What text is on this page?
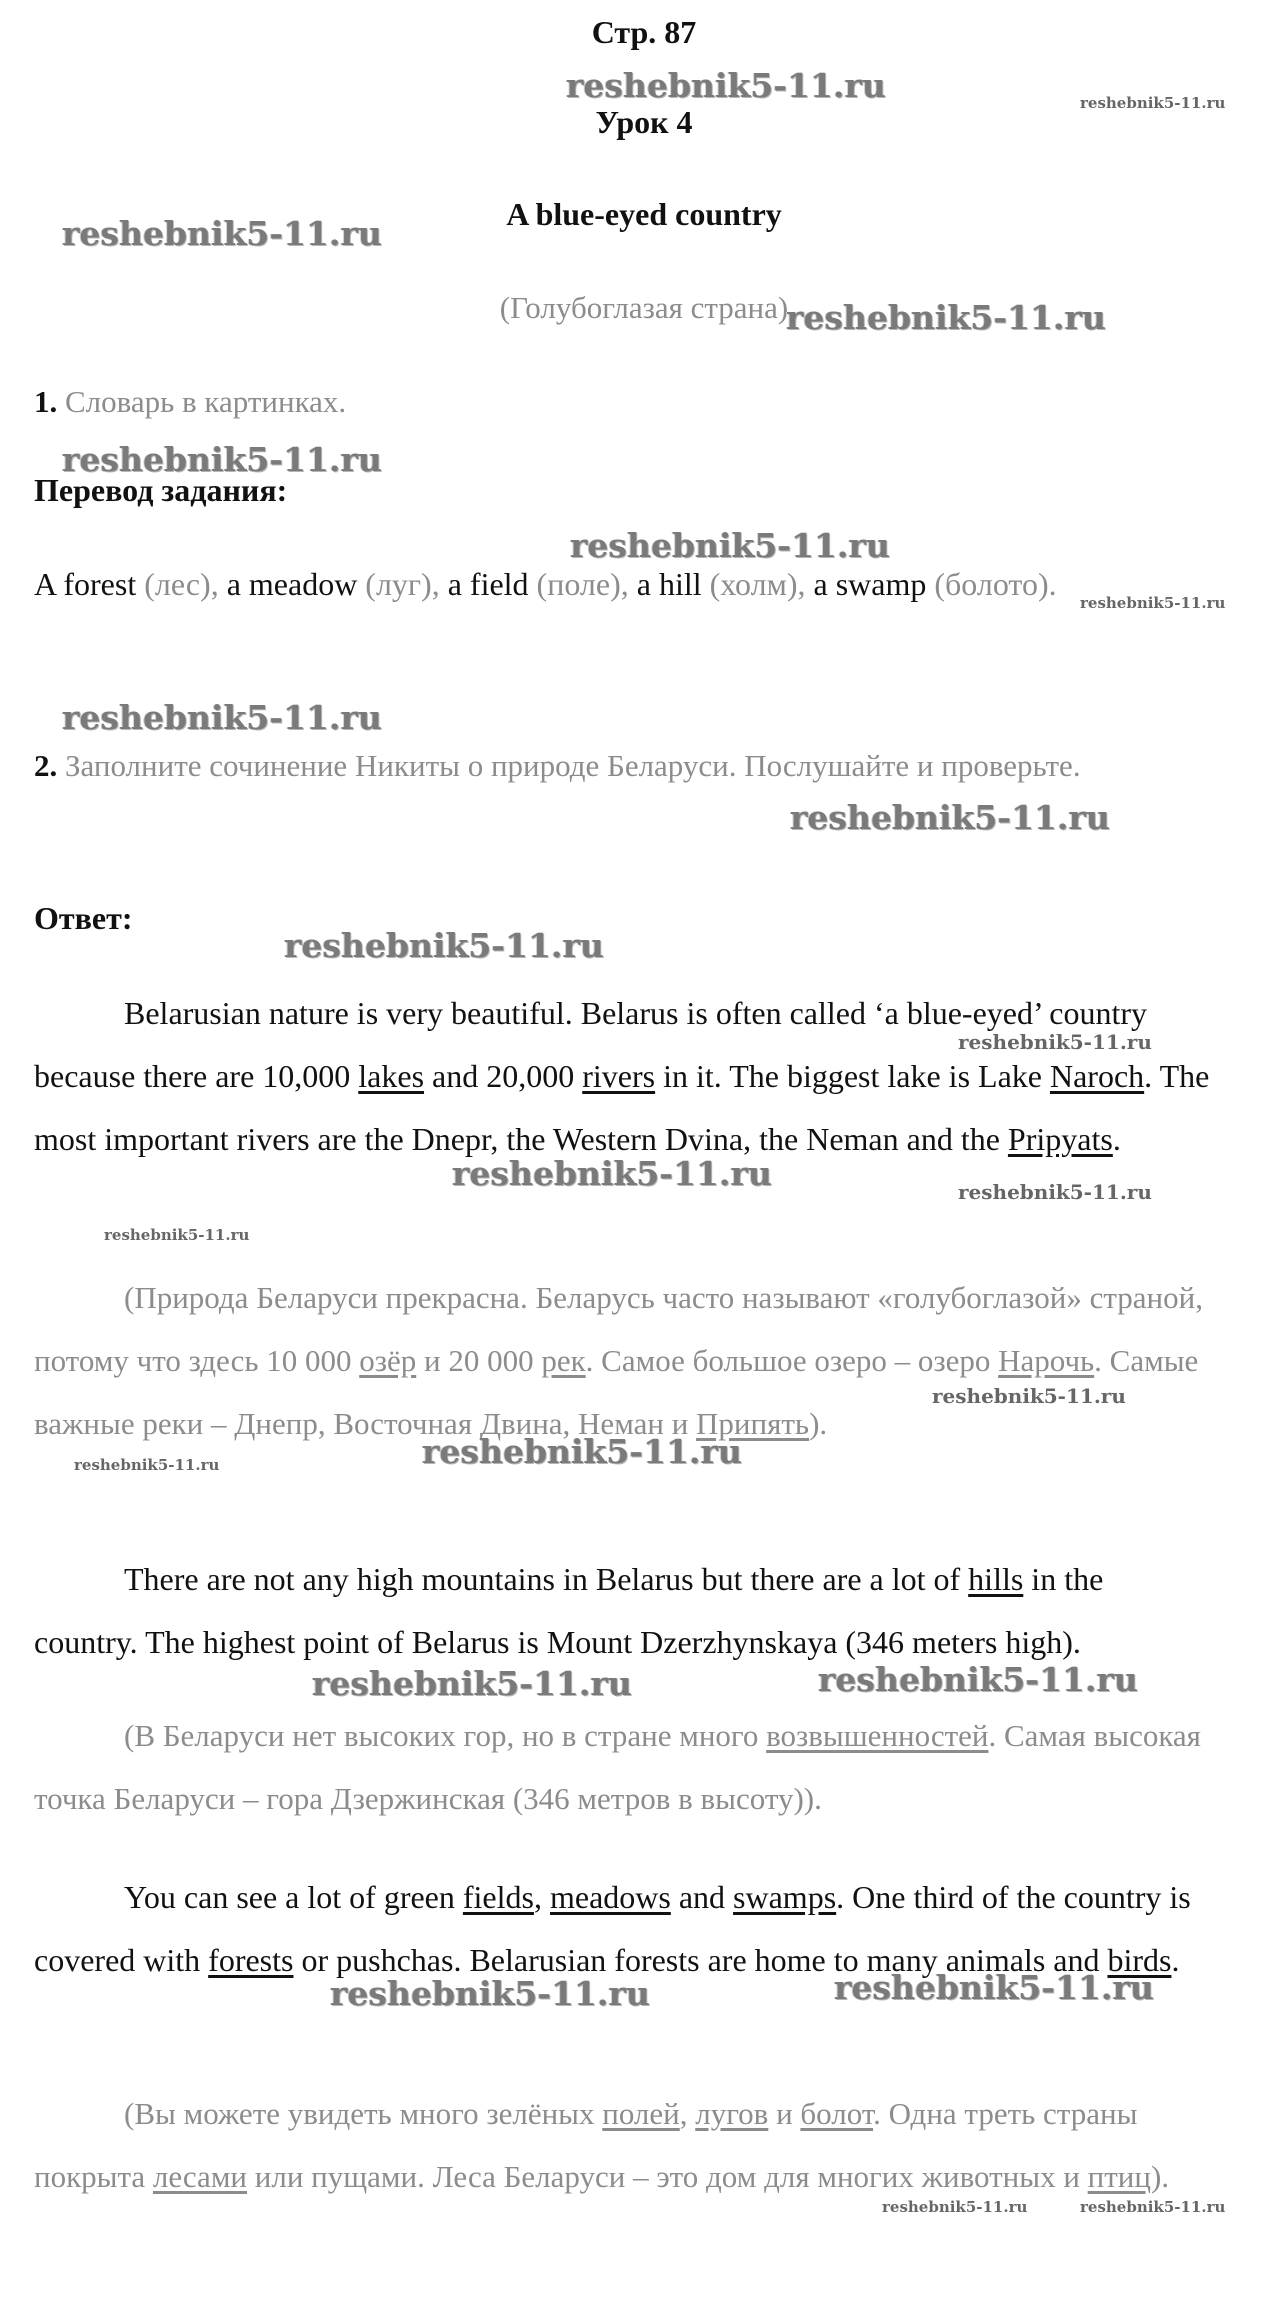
Стр. 87
Урок 4
A blue-eyed country
(Голубоглазая страна)
1. Словарь в картинках.
Перевод задания:
A forest (лес), a meadow (луг), a field (поле), a hill (холм), a swamp (болото).
2. Заполните сочинение Никиты о природе Беларуси. Послушайте и проверьте.
Ответ:
Belarusian nature is very beautiful. Belarus is often called ‘a blue-eyed’ country because there are 10,000 lakes and 20,000 rivers in it. The biggest lake is Lake Naroch. The most important rivers are the Dnepr, the Western Dvina, the Neman and the Pripyats.
(Природа Беларуси прекрасна. Беларусь часто называют «голубоглазой» страной, потому что здесь 10 000 озёр и 20 000 рек. Самое большое озеро – озеро Нарочь. Самые важные реки – Днепр, Восточная Двина, Неман и Припять).
There are not any high mountains in Belarus but there are a lot of hills in the country. The highest point of Belarus is Mount Dzerzhynskaya (346 meters high).
(В Беларуси нет высоких гор, но в стране много возвышенностей. Самая высокая точка Беларуси – гора Дзержинская (346 метров в высоту)).
You can see a lot of green fields, meadows and swamps. One third of the country is covered with forests or pushchas. Belarusian forests are home to many animals and birds.
(Вы можете увидеть много зелёных полей, лугов и болот. Одна треть страны покрыта лесами или пущами. Леса Беларуси – это дом для многих животных и птиц).
reshebnik5-11.ru	reshebnik5-11.ru
reshebnik5-11.ru
reshebnik5-11.ru
reshebnik5-11.ru
reshebnik5-11.ru
reshebnik5-11.ru
reshebnik5-11.ru
reshebnik5-11.ru
reshebnik5-11.ru
reshebnik5-11.ru
reshebnik5-11.ru	reshebnik5-11.ru
reshebnik5-11.ru
reshebnik5-11.ru
reshebnik5-11.ru	reshebnik5-11.ru
reshebnik5-11.ru	reshebnik5-11.ru
reshebnik5-11.ru	reshebnik5-11.ru
reshebnik5-11.ru	reshebnik5-11.ru
